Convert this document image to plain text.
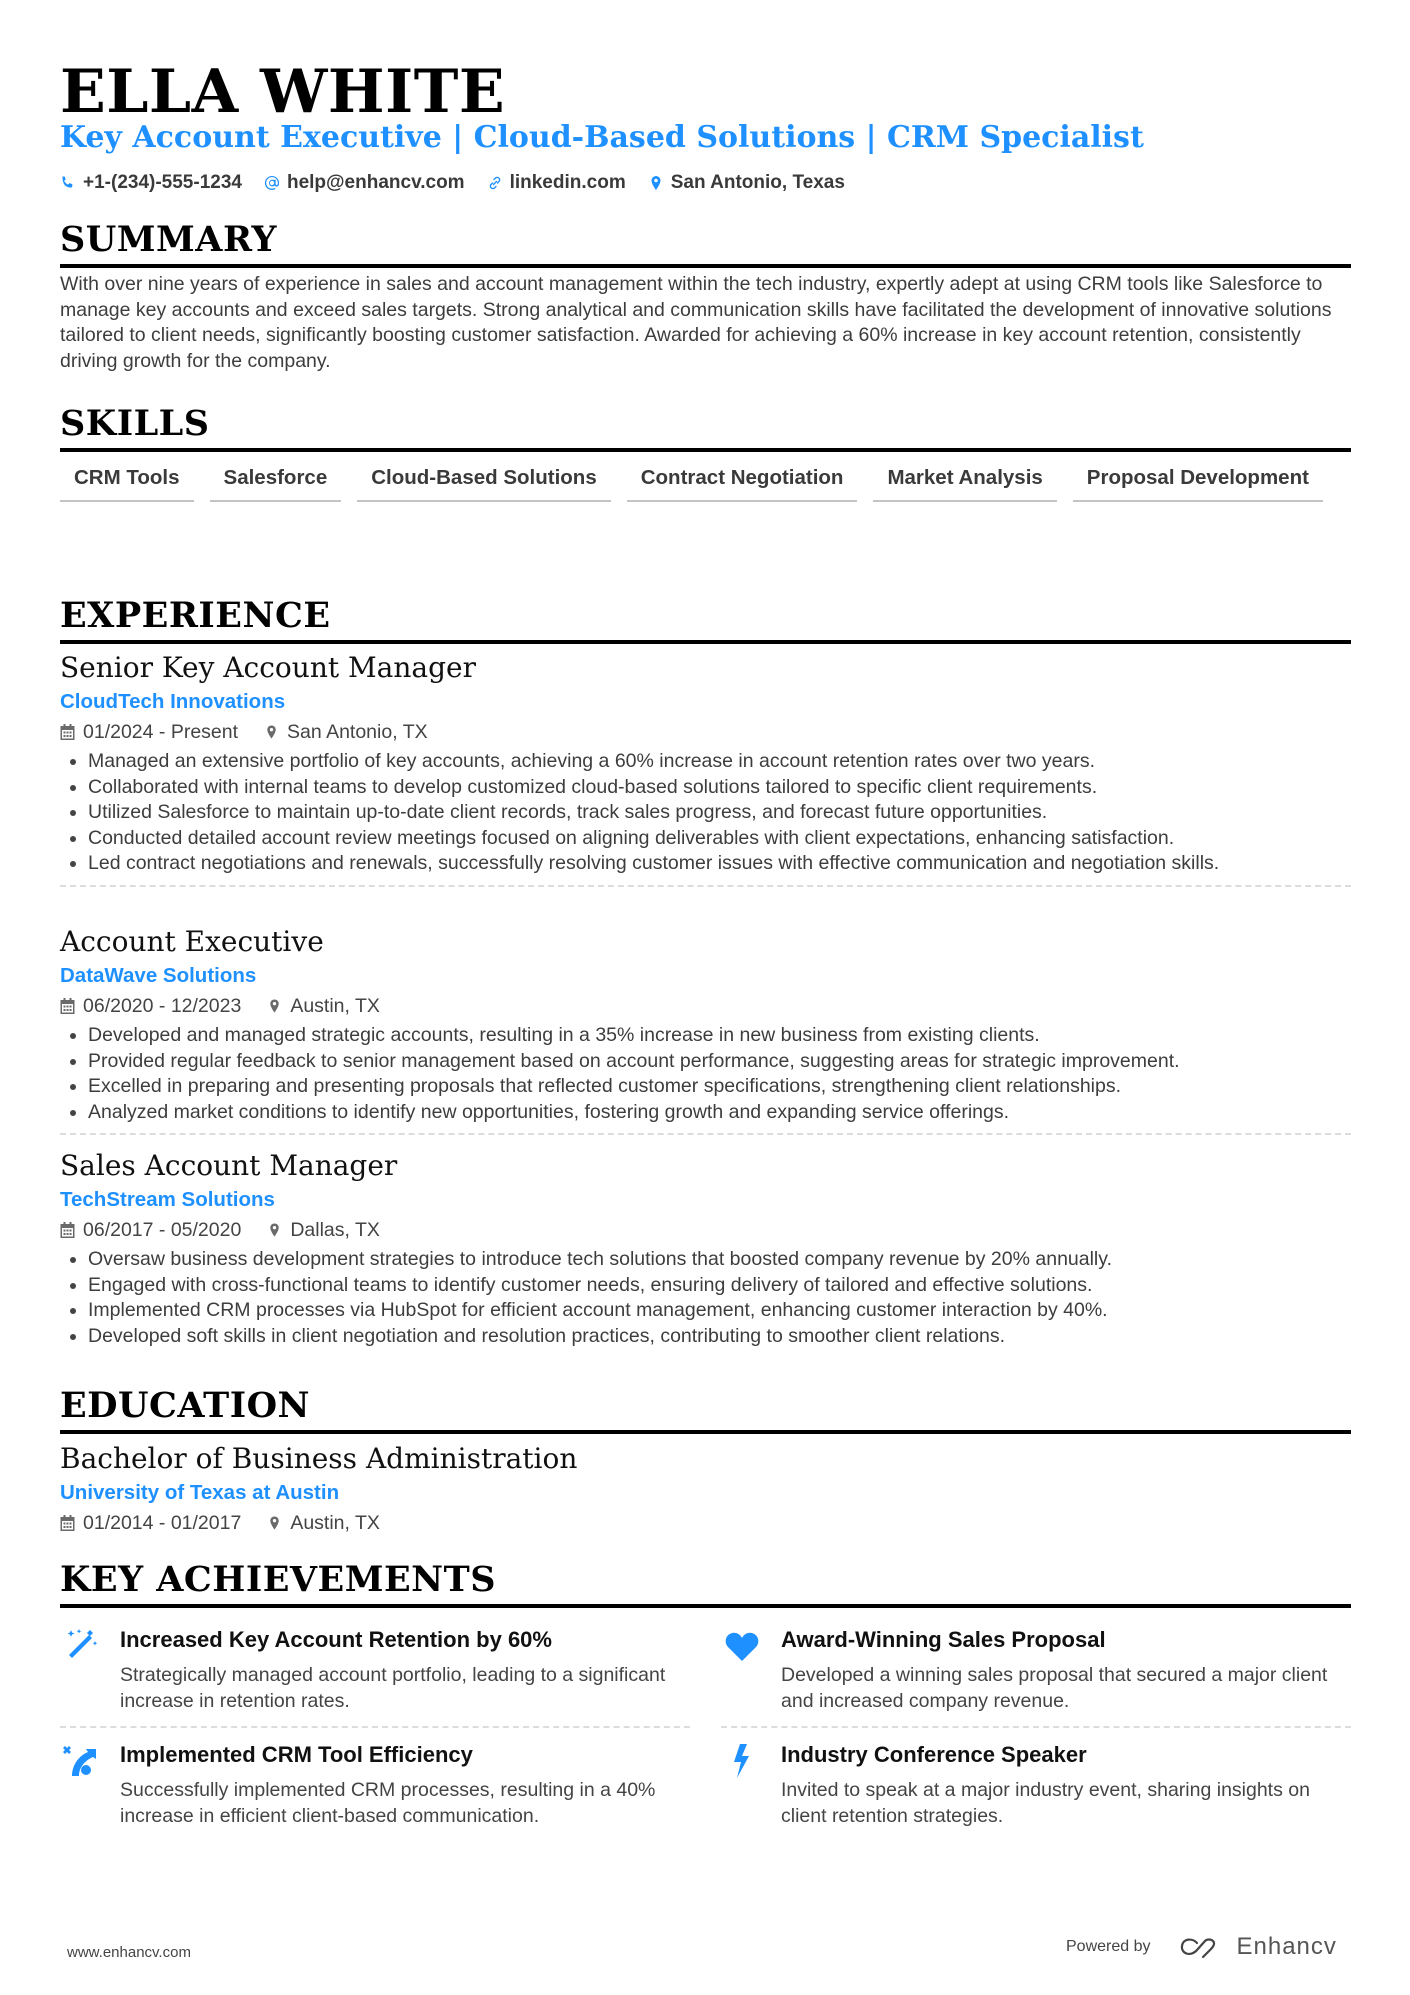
ELLA WHITE
Key Account Executive | Cloud-Based Solutions | CRM Specialist
+1-(234)-555-1234 help@enhancv.com linkedin.com San Antonio, Texas
SUMMARY
With over nine years of experience in sales and account management within the tech industry, expertly adept at using CRM tools like Salesforce to manage key accounts and exceed sales targets. Strong analytical and communication skills have facilitated the development of innovative solutions tailored to client needs, significantly boosting customer satisfaction. Awarded for achieving a 60% increase in key account retention, consistently driving growth for the company.
SKILLS
CRM Tools	Salesforce	Cloud-Based Solutions	Contract Negotiation	Market Analysis	Proposal Development
EXPERIENCE
Senior Key Account Manager
CloudTech Innovations
01/2024 - Present	San Antonio, TX
• Managed an extensive portfolio of key accounts, achieving a 60% increase in account retention rates over two years.
• Collaborated with internal teams to develop customized cloud-based solutions tailored to specific client requirements.
• Utilized Salesforce to maintain up-to-date client records, track sales progress, and forecast future opportunities.
• Conducted detailed account review meetings focused on aligning deliverables with client expectations, enhancing satisfaction.
• Led contract negotiations and renewals, successfully resolving customer issues with effective communication and negotiation skills.
Account Executive
DataWave Solutions
06/2020 - 12/2023	Austin, TX
• Developed and managed strategic accounts, resulting in a 35% increase in new business from existing clients.
• Provided regular feedback to senior management based on account performance, suggesting areas for strategic improvement.
• Excelled in preparing and presenting proposals that reflected customer specifications, strengthening client relationships.
• Analyzed market conditions to identify new opportunities, fostering growth and expanding service offerings.
Sales Account Manager
TechStream Solutions
06/2017 - 05/2020	Dallas, TX
• Oversaw business development strategies to introduce tech solutions that boosted company revenue by 20% annually.
• Engaged with cross-functional teams to identify customer needs, ensuring delivery of tailored and effective solutions.
• Implemented CRM processes via HubSpot for efficient account management, enhancing customer interaction by 40%.
• Developed soft skills in client negotiation and resolution practices, contributing to smoother client relations.
EDUCATION
Bachelor of Business Administration
University of Texas at Austin
01/2014 - 01/2017	Austin, TX
KEY ACHIEVEMENTS
Increased Key Account Retention by 60%
Strategically managed account portfolio, leading to a significant increase in retention rates.
Award-Winning Sales Proposal
Developed a winning sales proposal that secured a major client and increased company revenue.
Implemented CRM Tool Efficiency
Successfully implemented CRM processes, resulting in a 40% increase in efficient client-based communication.
Industry Conference Speaker
Invited to speak at a major industry event, sharing insights on client retention strategies.
www.enhancv.com	Powered by	Enhancv
